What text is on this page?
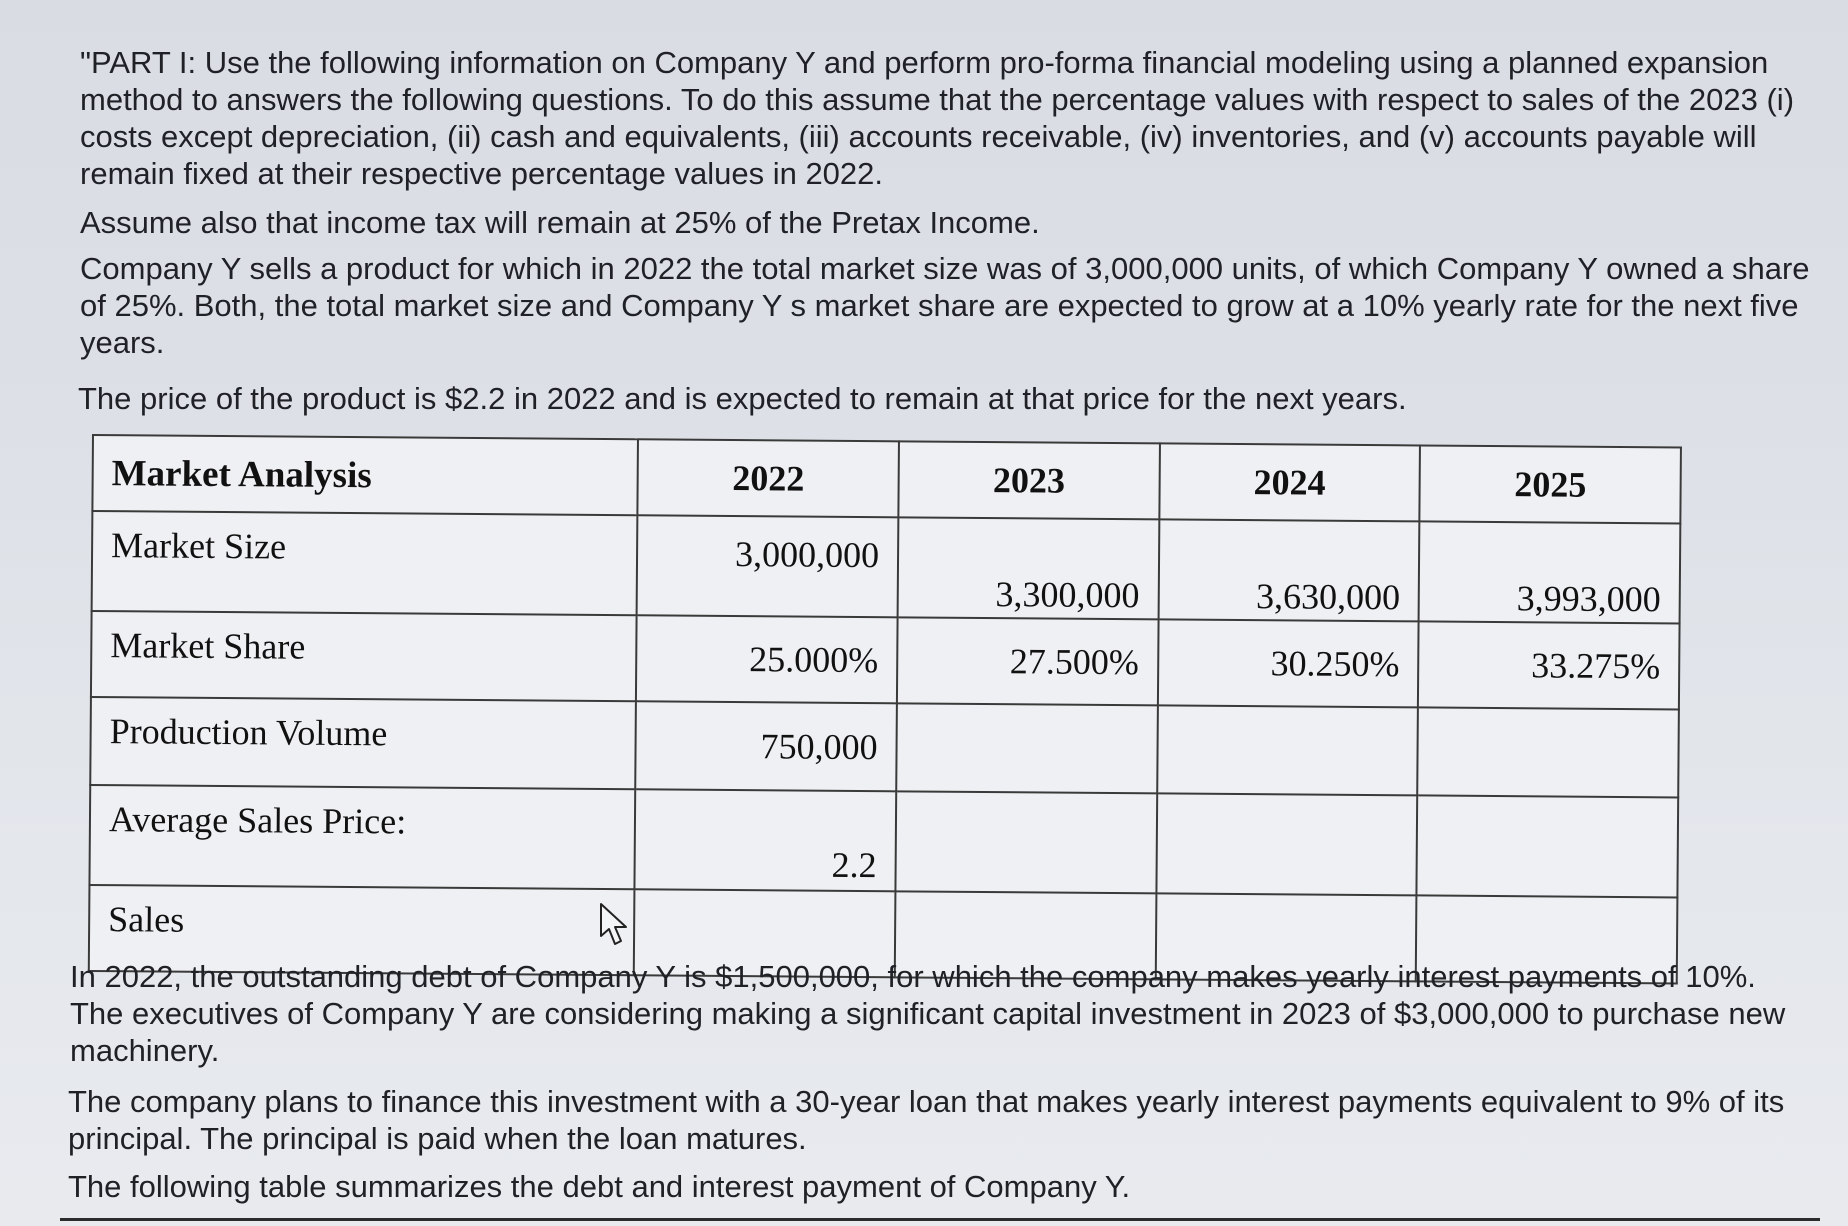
"PART I: Use the following information on Company Y and perform pro-forma financial modeling using a planned expansion method to answers the following questions. To do this assume that the percentage values with respect to sales of the 2023 (i) costs except depreciation, (ii) cash and equivalents, (iii) accounts receivable, (iv) inventories, and (v) accounts payable will remain fixed at their respective percentage values in 2022.

Assume also that income tax will remain at 25% of the Pretax Income.

Company Y sells a product for which in 2022 the total market size was of 3,000,000 units, of which Company Y owned a share of 25%. Both, the total market size and Company Y s market share are expected to grow at a 10% yearly rate for the next five years.

The price of the product is $2.2 in 2022 and is expected to remain at that price for the next years.

Market Analysis	2022	2023	2024	2025
Market Size	3,000,000	3,300,000	3,630,000	3,993,000
Market Share	25.000%	27.500%	30.250%	33.275%
Production Volume	750,000			
Average Sales Price:	2.2			
Sales				

In 2022, the outstanding debt of Company Y is $1,500,000, for which the company makes yearly interest payments of 10%. The executives of Company Y are considering making a significant capital investment in 2023 of $3,000,000 to purchase new machinery.

The company plans to finance this investment with a 30-year loan that makes yearly interest payments equivalent to 9% of its principal. The principal is paid when the loan matures.

The following table summarizes the debt and interest payment of Company Y.
